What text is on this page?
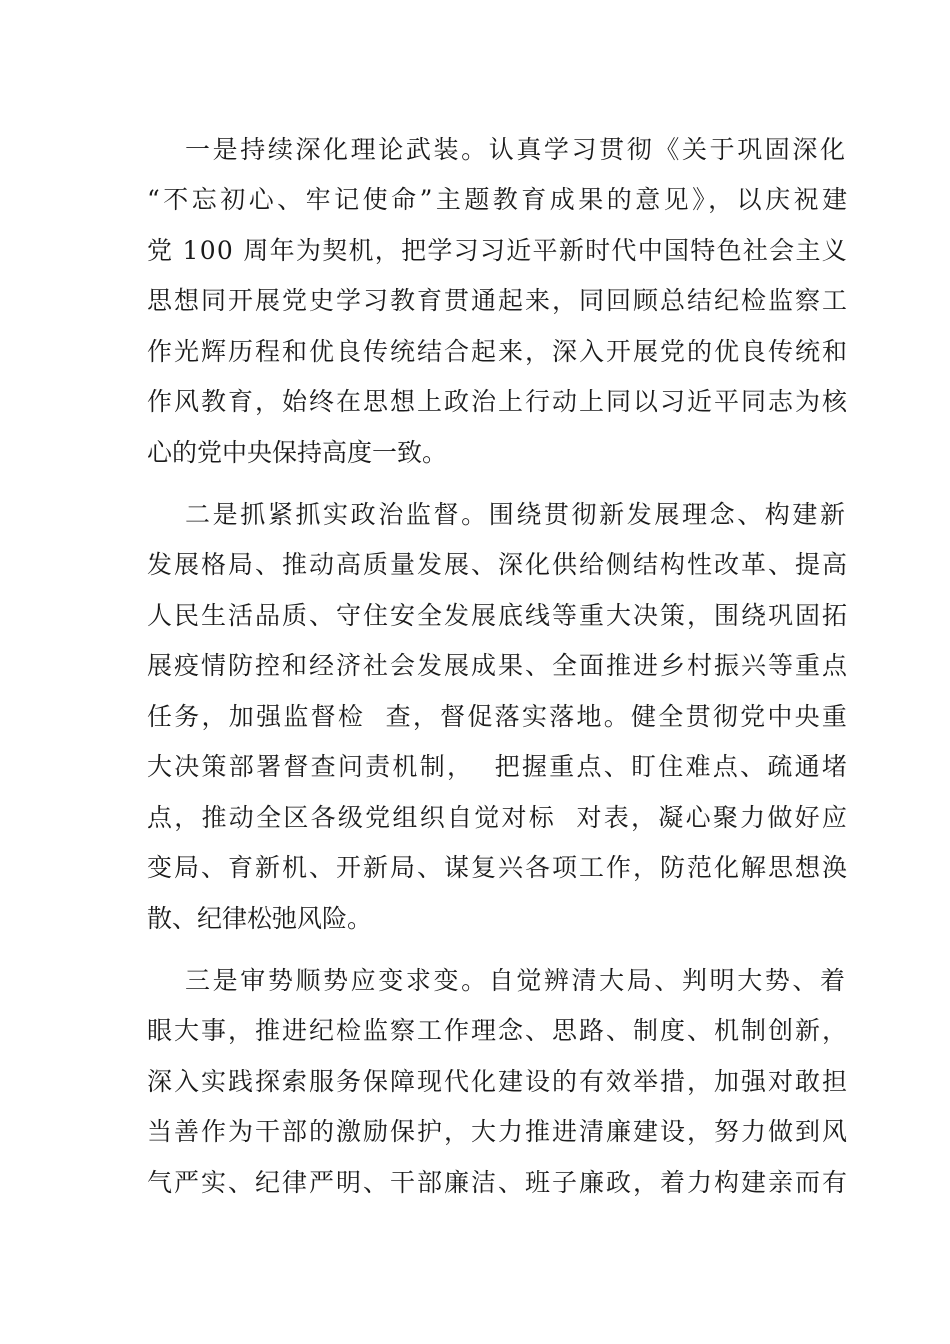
一是持续深化理论武装。认真学习贯彻《关于巩固深化

“不忘初心、牢记使命”主题教育成果的意见》，以庆祝建

党 100 周年为契机，把学习习近平新时代中国特色社会主义

思想同开展党史学习教育贯通起来，同回顾总结纪检监察工

作光辉历程和优良传统结合起来，深入开展党的优良传统和

作风教育，始终在思想上政治上行动上同以习近平同志为核

心的党中央保持高度一致。

二是抓紧抓实政治监督。围绕贯彻新发展理念、构建新

发展格局、推动高质量发展、深化供给侧结构性改革、提高

人民生活品质、守住安全发展底线等重大决策，围绕巩固拓

展疫情防控和经济社会发展成果、全面推进乡村振兴等重点

任务，加强监督检  查，督促落实落地。健全贯彻党中央重

大决策部署督查问责机制，  把握重点、盯住难点、疏通堵

点，推动全区各级党组织自觉对标  对表，凝心聚力做好应

变局、育新机、开新局、谋复兴各项工作，防范化解思想涣

散、纪律松弛风险。

三是审势顺势应变求变。自觉辨清大局、判明大势、着

眼大事，推进纪检监察工作理念、思路、制度、机制创新，

深入实践探索服务保障现代化建设的有效举措，加强对敢担

当善作为干部的激励保护，大力推进清廉建设，努力做到风

气严实、纪律严明、干部廉洁、班子廉政，着力构建亲而有
